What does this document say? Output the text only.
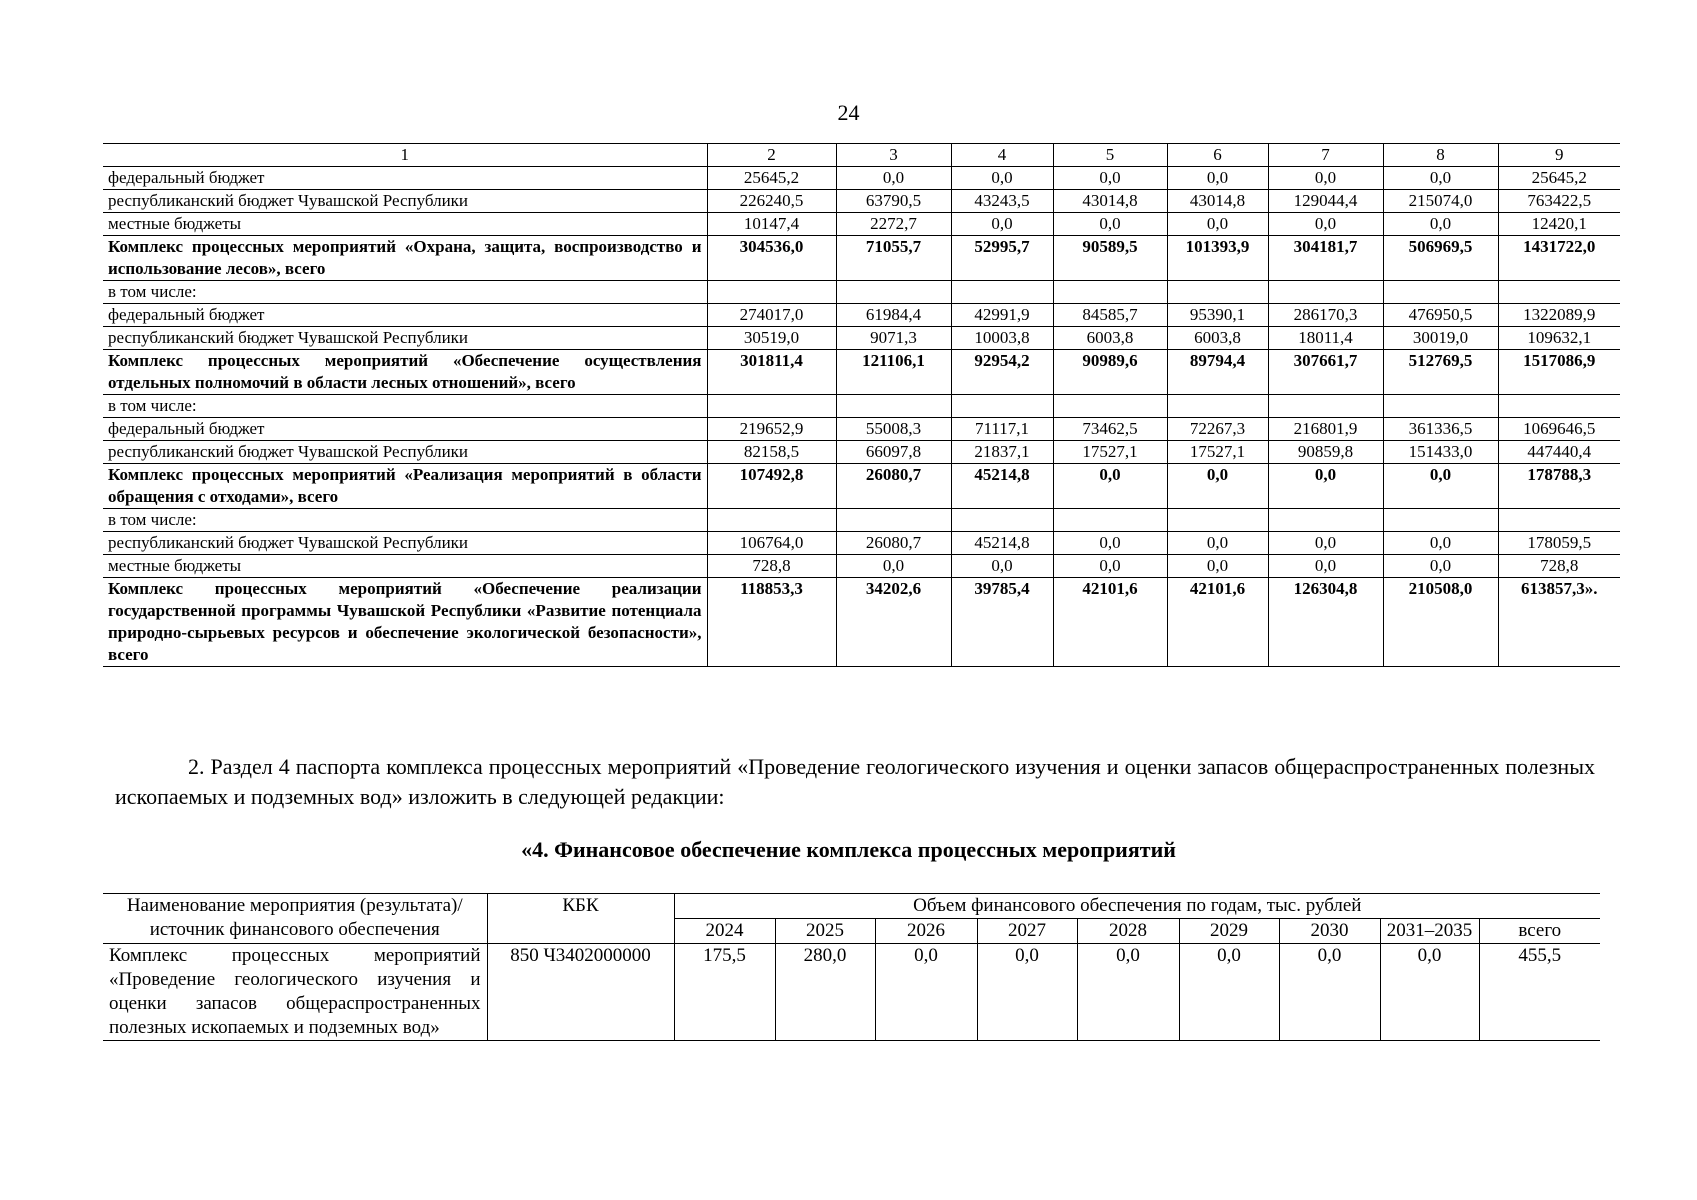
24
1	2	3	4	5	6	7	8	9
федеральный бюджет	25645,2	0,0	0,0	0,0	0,0	0,0	0,0	25645,2
республиканский бюджет Чувашской Республики	226240,5	63790,5	43243,5	43014,8	43014,8	129044,4	215074,0	763422,5
местные бюджеты	10147,4	2272,7	0,0	0,0	0,0	0,0	0,0	12420,1
Комплекс процессных мероприятий «Охрана, защита, воспроизводство и использование лесов», всего	304536,0	71055,7	52995,7	90589,5	101393,9	304181,7	506969,5	1431722,0
в том числе:								
федеральный бюджет	274017,0	61984,4	42991,9	84585,7	95390,1	286170,3	476950,5	1322089,9
республиканский бюджет Чувашской Республики	30519,0	9071,3	10003,8	6003,8	6003,8	18011,4	30019,0	109632,1
Комплекс процессных мероприятий «Обеспечение осуществления отдельных полномочий в области лесных отношений», всего	301811,4	121106,1	92954,2	90989,6	89794,4	307661,7	512769,5	1517086,9
в том числе:								
федеральный бюджет	219652,9	55008,3	71117,1	73462,5	72267,3	216801,9	361336,5	1069646,5
республиканский бюджет Чувашской Республики	82158,5	66097,8	21837,1	17527,1	17527,1	90859,8	151433,0	447440,4
Комплекс процессных мероприятий «Реализация мероприятий в области обращения с отходами», всего	107492,8	26080,7	45214,8	0,0	0,0	0,0	0,0	178788,3
в том числе:								
республиканский бюджет Чувашской Республики	106764,0	26080,7	45214,8	0,0	0,0	0,0	0,0	178059,5
местные бюджеты	728,8	0,0	0,0	0,0	0,0	0,0	0,0	728,8
Комплекс процессных мероприятий «Обеспечение реализации государственной программы Чувашской Республики «Развитие потенциала природно-сырьевых ресурсов и обеспечение экологической безопасности», всего	118853,3	34202,6	39785,4	42101,6	42101,6	126304,8	210508,0	613857,3».
2. Раздел 4 паспорта комплекса процессных мероприятий «Проведение геологического изучения и оценки запасов общераспространенных полезных ископаемых и подземных вод» изложить в следующей редакции:
«4. Финансовое обеспечение комплекса процессных мероприятий
Наименование мероприятия (результата)/источник финансового обеспечения	КБК	Объем финансового обеспечения по годам, тыс. рублей								
		2024	2025	2026	2027	2028	2029	2030	2031–2035	всего

Комплекс процессных мероприятий «Проведение геологического изучения и оценки запасов общераспространенных полезных ископаемых и подземных вод»	850 Ч3402000000	175,5	280,0	0,0	0,0	0,0	0,0	0,0	0,0	455,5
